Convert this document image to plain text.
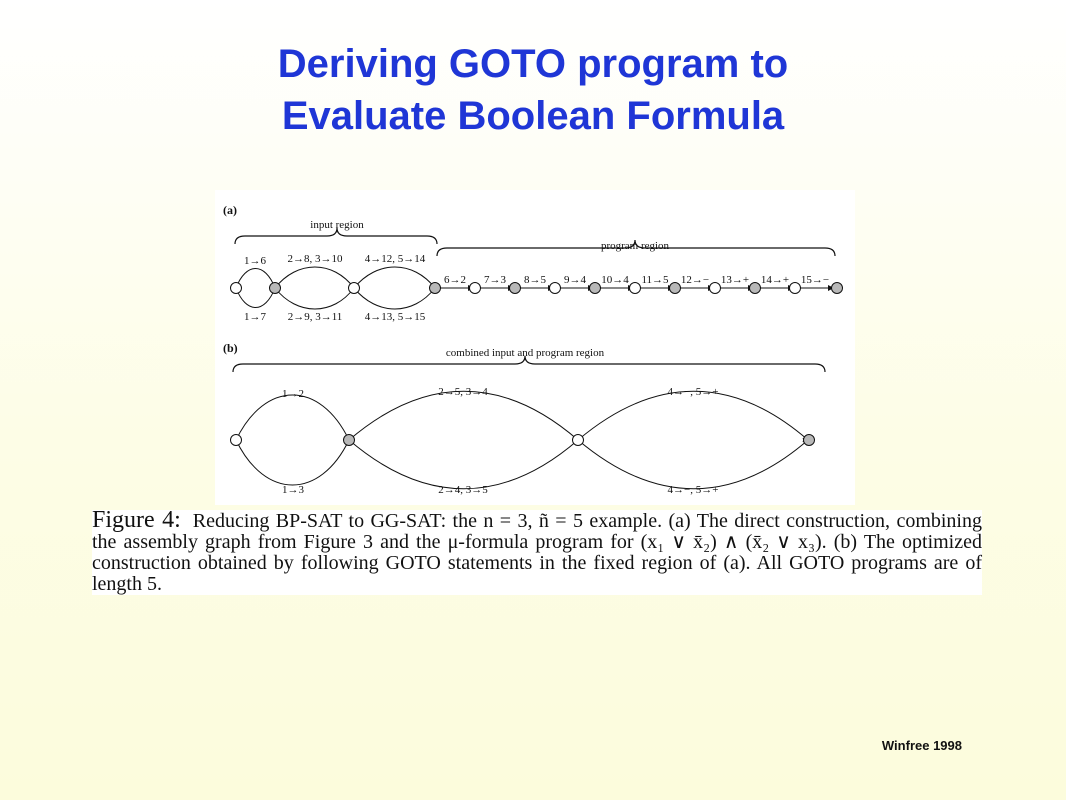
Deriving GOTO program to
Evaluate Boolean Formula
(a)
input region
program region
1→6 2→8, 3→10 4→12, 5→14
1→7 2→9, 3→11 4→13, 5→15
6→2 7→3 8→5 9→4 10→4 11→5 12→− 13→+ 14→+ 15→−
(b)	combined input and program region
1→2	2→5, 3→4	4→−, 5→+
1→3	2→4, 3→5	4→−, 5→+
Figure 4: Reducing BP-SAT to GG-SAT: the n = 3, ñ = 5 example. (a) The direct construction, combining the assembly graph from Figure 3 and the μ-formula program for (x₁ ∨ x̄₂) ∧ (x̄₂ ∨ x₃). (b) The optimized construction obtained by following GOTO statements in the fixed region of (a). All GOTO programs are of length 5.
Winfree 1998
